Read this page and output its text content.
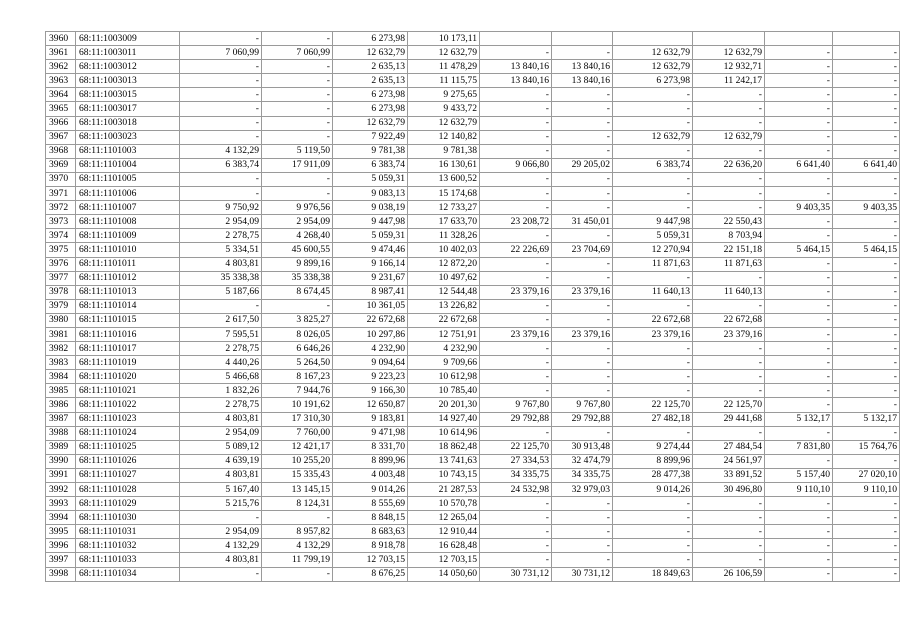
3960	68:11:1003009	-	-	6 273,98	10 173,11						
3961	68:11:1003011	7 060,99	7 060,99	12 632,79	12 632,79	-	-	12 632,79	12 632,79	-	-
3962	68:11:1003012	-	-	2 635,13	11 478,29	13 840,16	13 840,16	12 632,79	12 932,71	-	-
3963	68:11:1003013	-	-	2 635,13	11 115,75	13 840,16	13 840,16	6 273,98	11 242,17	-	-
3964	68:11:1003015	-	-	6 273,98	9 275,65	-	-	-	-	-	-
3965	68:11:1003017	-	-	6 273,98	9 433,72	-	-	-	-	-	-
3966	68:11:1003018	-	-	12 632,79	12 632,79	-	-	-	-	-	-
3967	68:11:1003023	-	-	7 922,49	12 140,82	-	-	12 632,79	12 632,79	-	-
3968	68:11:1101003	4 132,29	5 119,50	9 781,38	9 781,38	-	-	-	-	-	-
3969	68:11:1101004	6 383,74	17 911,09	6 383,74	16 130,61	9 066,80	29 205,02	6 383,74	22 636,20	6 641,40	6 641,40
3970	68:11:1101005	-	-	5 059,31	13 600,52	-	-	-	-	-	-
3971	68:11:1101006	-	-	9 083,13	15 174,68	-	-	-	-	-	-
3972	68:11:1101007	9 750,92	9 976,56	9 038,19	12 733,27	-	-	-	-	9 403,35	9 403,35
3973	68:11:1101008	2 954,09	2 954,09	9 447,98	17 633,70	23 208,72	31 450,01	9 447,98	22 550,43	-	-
3974	68:11:1101009	2 278,75	4 268,40	5 059,31	11 328,26	-	-	5 059,31	8 703,94	-	-
3975	68:11:1101010	5 334,51	45 600,55	9 474,46	10 402,03	22 226,69	23 704,69	12 270,94	22 151,18	5 464,15	5 464,15
3976	68:11:1101011	4 803,81	9 899,16	9 166,14	12 872,20	-	-	11 871,63	11 871,63	-	-
3977	68:11:1101012	35 338,38	35 338,38	9 231,67	10 497,62	-	-	-	-	-	-
3978	68:11:1101013	5 187,66	8 674,45	8 987,41	12 544,48	23 379,16	23 379,16	11 640,13	11 640,13	-	-
3979	68:11:1101014	-	-	10 361,05	13 226,82	-	-	-	-	-	-
3980	68:11:1101015	2 617,50	3 825,27	22 672,68	22 672,68	-	-	22 672,68	22 672,68	-	-
3981	68:11:1101016	7 595,51	8 026,05	10 297,86	12 751,91	23 379,16	23 379,16	23 379,16	23 379,16	-	-
3982	68:11:1101017	2 278,75	6 646,26	4 232,90	4 232,90	-	-	-	-	-	-
3983	68:11:1101019	4 440,26	5 264,50	9 094,64	9 709,66	-	-	-	-	-	-
3984	68:11:1101020	5 466,68	8 167,23	9 223,23	10 612,98	-	-	-	-	-	-
3985	68:11:1101021	1 832,26	7 944,76	9 166,30	10 785,40	-	-	-	-	-	-
3986	68:11:1101022	2 278,75	10 191,62	12 650,87	20 201,30	9 767,80	9 767,80	22 125,70	22 125,70	-	-
3987	68:11:1101023	4 803,81	17 310,30	9 183,81	14 927,40	29 792,88	29 792,88	27 482,18	29 441,68	5 132,17	5 132,17
3988	68:11:1101024	2 954,09	7 760,00	9 471,98	10 614,96	-	-	-	-	-	-
3989	68:11:1101025	5 089,12	12 421,17	8 331,70	18 862,48	22 125,70	30 913,48	9 274,44	27 484,54	7 831,80	15 764,76
3990	68:11:1101026	4 639,19	10 255,20	8 899,96	13 741,63	27 334,53	32 474,79	8 899,96	24 561,97	-	-
3991	68:11:1101027	4 803,81	15 335,43	4 003,48	10 743,15	34 335,75	34 335,75	28 477,38	33 891,52	5 157,40	27 020,10
3992	68:11:1101028	5 167,40	13 145,15	9 014,26	21 287,53	24 532,98	32 979,03	9 014,26	30 496,80	9 110,10	9 110,10
3993	68:11:1101029	5 215,76	8 124,31	8 555,69	10 570,78	-	-	-	-	-	-
3994	68:11:1101030	-	-	8 848,15	12 265,04	-	-	-	-	-	-
3995	68:11:1101031	2 954,09	8 957,82	8 683,63	12 910,44	-	-	-	-	-	-
3996	68:11:1101032	4 132,29	4 132,29	8 918,78	16 628,48	-	-	-	-	-	-
3997	68:11:1101033	4 803,81	11 799,19	12 703,15	12 703,15	-	-	-	-	-	-
3998	68:11:1101034	-	-	8 676,25	14 050,60	30 731,12	30 731,12	18 849,63	26 106,59	-	-
